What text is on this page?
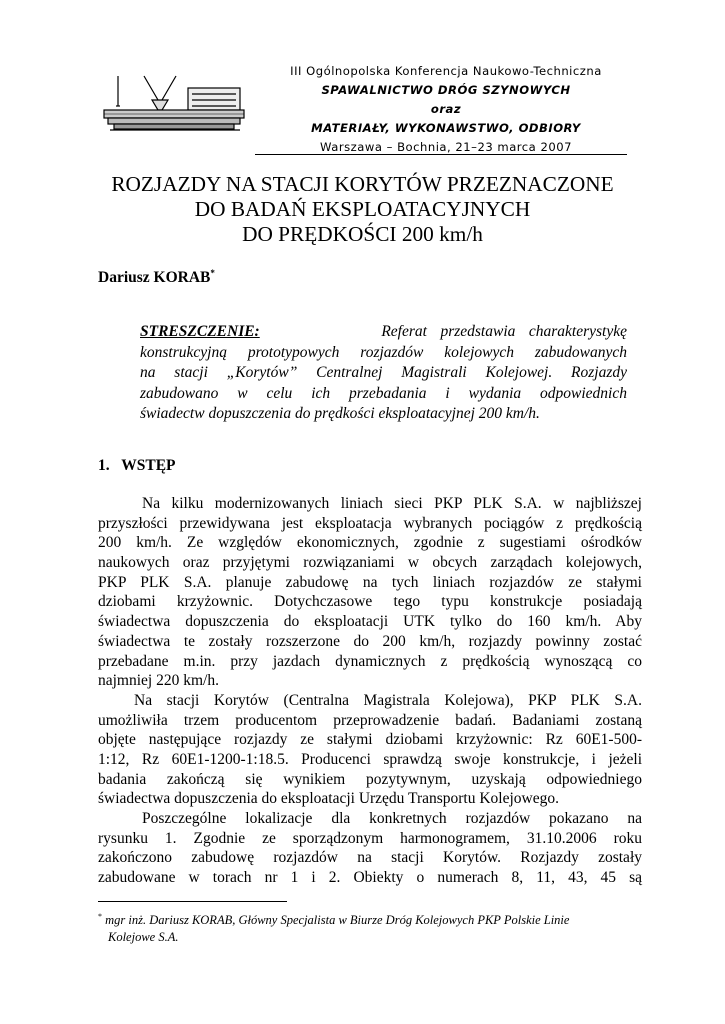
III Ogólnopolska Konferencja Naukowo-Techniczna
SPAWALNICTWO DRÓG SZYNOWYCH
oraz
MATERIAŁY, WYKONAWSTWO, ODBIORY
Warszawa – Bochnia, 21–23 marca 2007
ROZJAZDY NA STACJI KORYTÓW PRZEZNACZONE
DO BADAŃ EKSPLOATACYJNYCH
DO PRĘDKOŚCI 200 km/h
Dariusz KORAB*
STRESZCZENIE:	Referat przedstawia charakterystykę
konstrukcyjną prototypowych rozjazdów kolejowych zabudowanych
na stacji „Korytów” Centralnej Magistrali Kolejowej. Rozjazdy
zabudowano w celu ich przebadania i wydania odpowiednich
świadectw dopuszczenia do prędkości eksploatacyjnej 200 km/h.
1. WSTĘP
Na kilku modernizowanych liniach sieci PKP PLK S.A. w najbliższej
przyszłości przewidywana jest eksploatacja wybranych pociągów z prędkością
200 km/h. Ze względów ekonomicznych, zgodnie z sugestiami ośrodków
naukowych oraz przyjętymi rozwiązaniami w obcych zarządach kolejowych,
PKP PLK S.A. planuje zabudowę na tych liniach rozjazdów ze stałymi
dziobami krzyżownic. Dotychczasowe tego typu konstrukcje posiadają
świadectwa dopuszczenia do eksploatacji UTK tylko do 160 km/h. Aby
świadectwa te zostały rozszerzone do 200 km/h, rozjazdy powinny zostać
przebadane m.in. przy jazdach dynamicznych z prędkością wynoszącą co
najmniej 220 km/h.
Na stacji Korytów (Centralna Magistrala Kolejowa), PKP PLK S.A.
umożliwiła trzem producentom przeprowadzenie badań. Badaniami zostaną
objęte następujące rozjazdy ze stałymi dziobami krzyżownic: Rz 60E1-500-
1:12, Rz 60E1-1200-1:18.5. Producenci sprawdzą swoje konstrukcje, i jeżeli
badania zakończą się wynikiem pozytywnym, uzyskają odpowiedniego
świadectwa dopuszczenia do eksploatacji Urzędu Transportu Kolejowego.
Poszczególne lokalizacje dla konkretnych rozjazdów pokazano na
rysunku 1. Zgodnie ze sporządzonym harmonogramem, 31.10.2006 roku
zakończono zabudowę rozjazdów na stacji Korytów. Rozjazdy zostały
zabudowane w torach nr 1 i 2. Obiekty o numerach 8, 11, 43, 45 są
* mgr inż. Dariusz KORAB, Główny Specjalista w Biurze Dróg Kolejowych PKP Polskie Linie
Kolejowe S.A.
